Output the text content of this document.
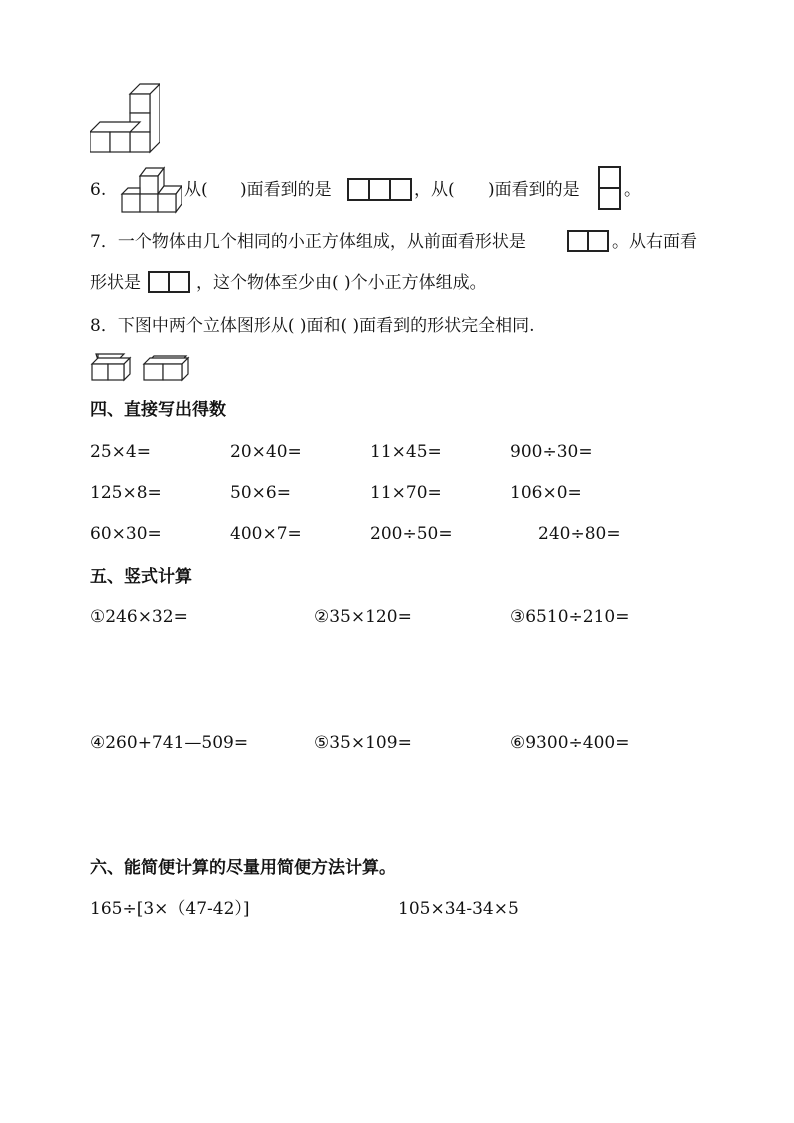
6.	从( )面看到的是	，从( )面看到的是	。
7．一个物体由几个相同的小正方体组成，从前面看形状是	。从右面看
形状是	，这个物体至少由( )个小正方体组成。
8．下图中两个立体图形从( )面和( )面看到的形状完全相同.
四、直接写出得数
25×4=	20×40=	11×45=	900÷30=
125×8=	50×6=	11×70=	106×0=
60×30=	400×7=	200÷50=	240÷80=
五、竖式计算
①246×32=	②35×120=	③6510÷210=
④260+741—509=	⑤35×109=	⑥9300÷400=
六、能简便计算的尽量用简便方法计算。
165÷[3×（47-42）]	105×34-34×5
